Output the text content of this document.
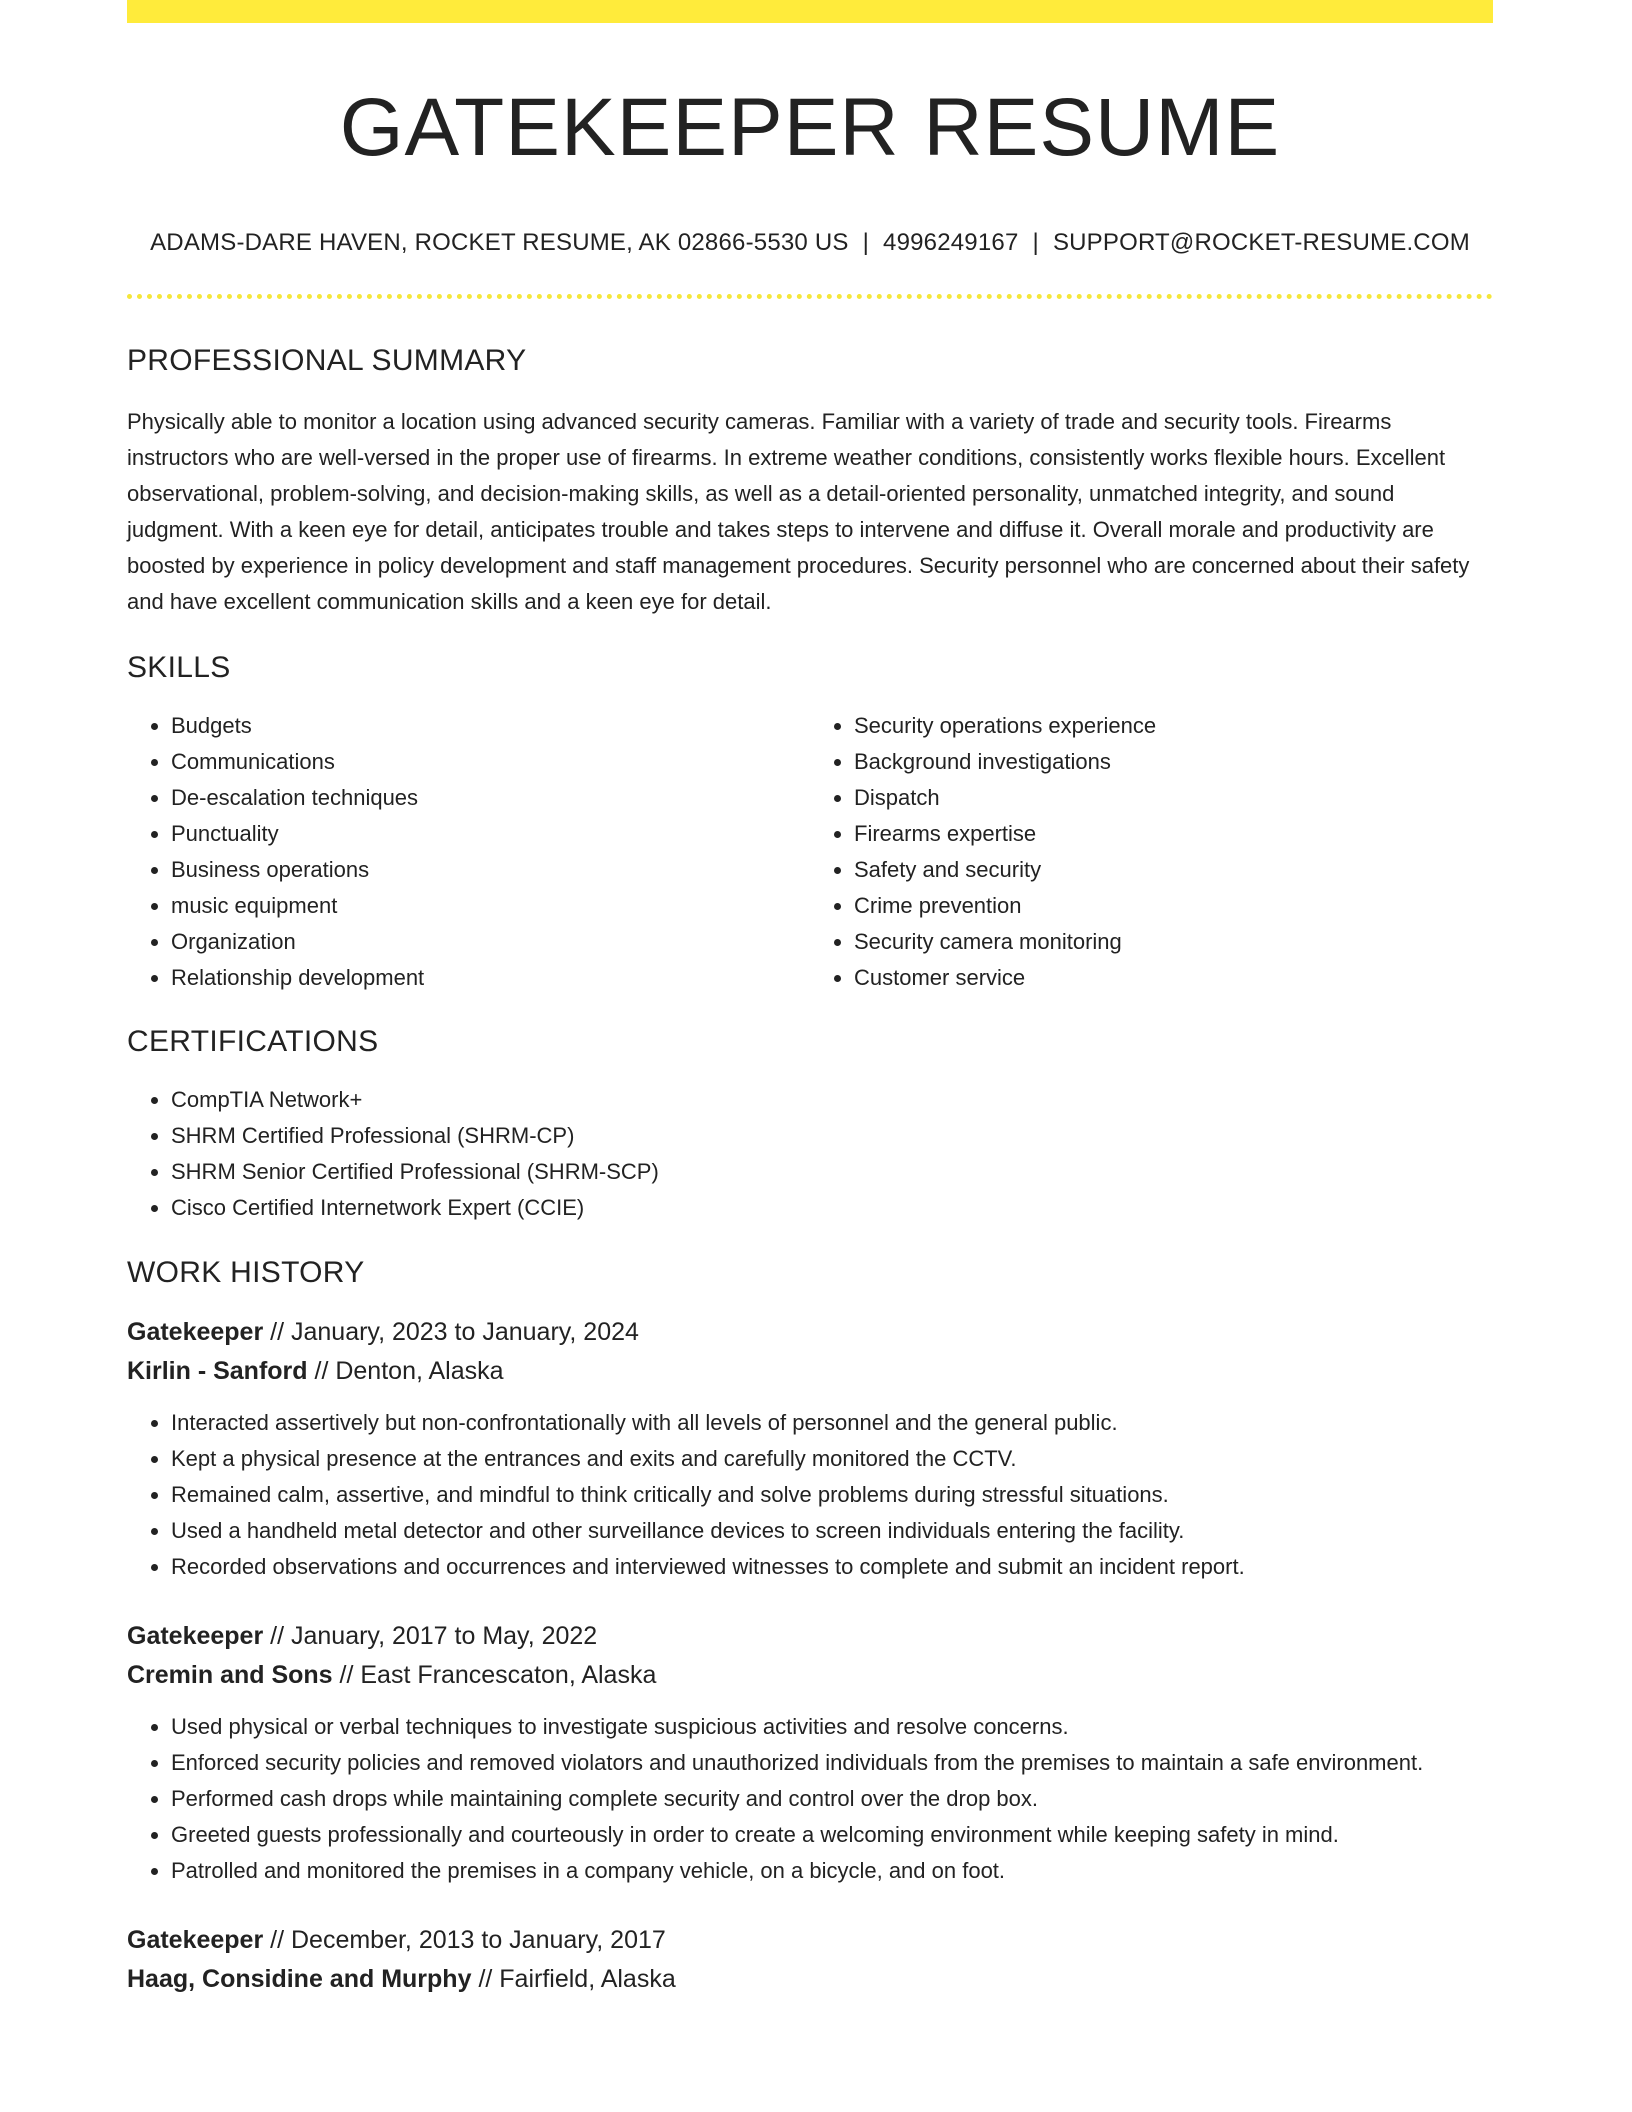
GATEKEEPER RESUME
ADAMS-DARE HAVEN, ROCKET RESUME, AK 02866-5530 US | 4996249167 | SUPPORT@ROCKET-RESUME.COM
PROFESSIONAL SUMMARY

Physically able to monitor a location using advanced security cameras. Familiar with a variety of trade and security tools. Firearms instructors who are well-versed in the proper use of firearms. In extreme weather conditions, consistently works flexible hours. Excellent observational, problem-solving, and decision-making skills, as well as a detail-oriented personality, unmatched integrity, and sound judgment. With a keen eye for detail, anticipates trouble and takes steps to intervene and diffuse it. Overall morale and productivity are boosted by experience in policy development and staff management procedures. Security personnel who are concerned about their safety and have excellent communication skills and a keen eye for detail.

SKILLS
• Budgets
• Communications
• De-escalation techniques
• Punctuality
• Business operations
• music equipment
• Organization
• Relationship development
• Security operations experience
• Background investigations
• Dispatch
• Firearms expertise
• Safety and security
• Crime prevention
• Security camera monitoring
• Customer service
CERTIFICATIONS
• CompTIA Network+
• SHRM Certified Professional (SHRM-CP)
• SHRM Senior Certified Professional (SHRM-SCP)
• Cisco Certified Internetwork Expert (CCIE)
WORK HISTORY
Gatekeeper // January, 2023 to January, 2024
Kirlin - Sanford // Denton, Alaska
• Interacted assertively but non-confrontationally with all levels of personnel and the general public.
• Kept a physical presence at the entrances and exits and carefully monitored the CCTV.
• Remained calm, assertive, and mindful to think critically and solve problems during stressful situations.
• Used a handheld metal detector and other surveillance devices to screen individuals entering the facility.
• Recorded observations and occurrences and interviewed witnesses to complete and submit an incident report.
Gatekeeper // January, 2017 to May, 2022
Cremin and Sons // East Francescaton, Alaska
• Used physical or verbal techniques to investigate suspicious activities and resolve concerns.
• Enforced security policies and removed violators and unauthorized individuals from the premises to maintain a safe environment.
• Performed cash drops while maintaining complete security and control over the drop box.
• Greeted guests professionally and courteously in order to create a welcoming environment while keeping safety in mind.
• Patrolled and monitored the premises in a company vehicle, on a bicycle, and on foot.
Gatekeeper // December, 2013 to January, 2017
Haag, Considine and Murphy // Fairfield, Alaska
